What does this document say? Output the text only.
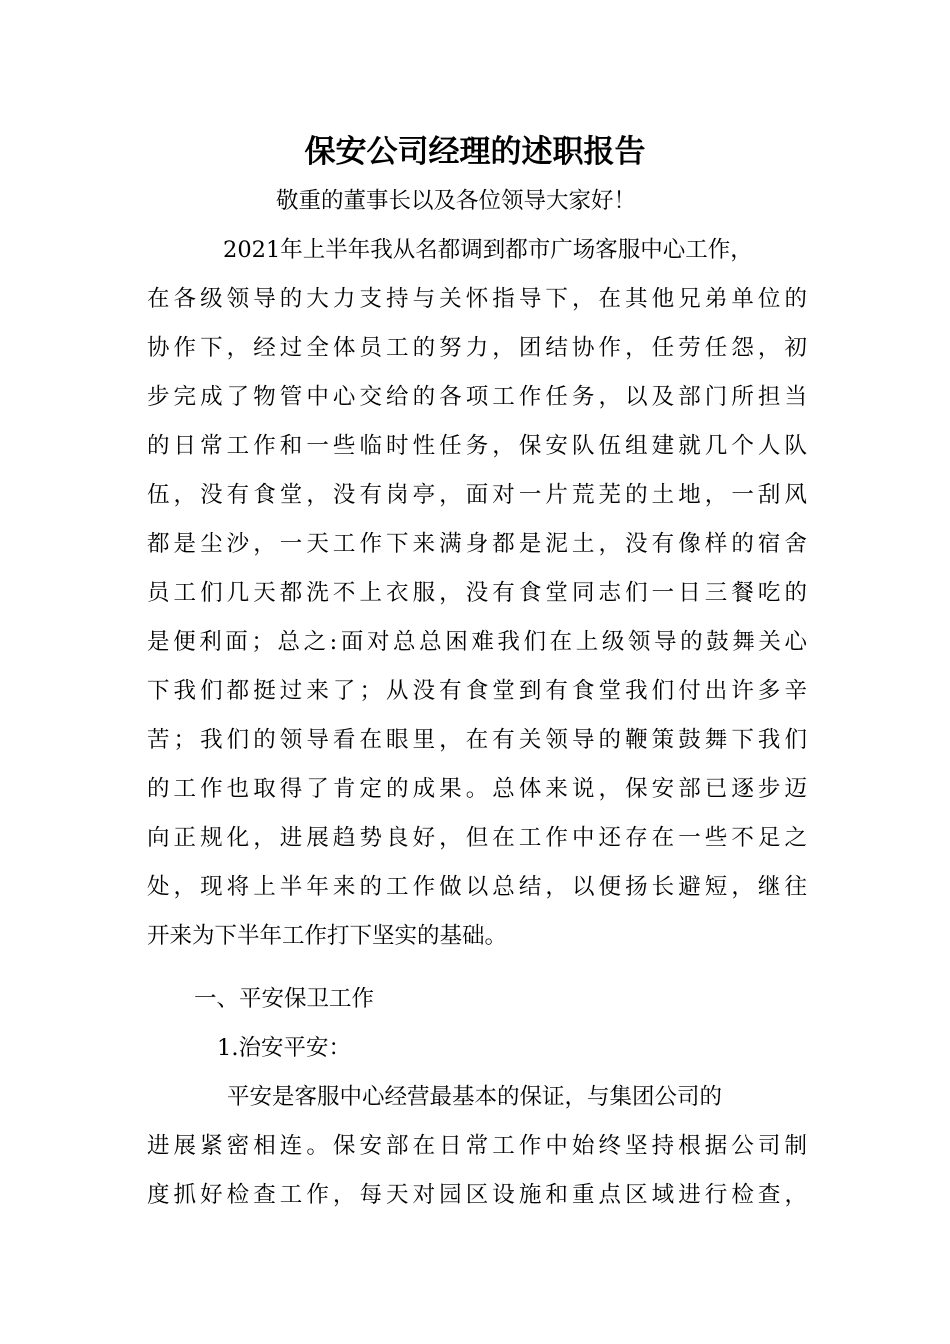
保安公司经理的述职报告
敬重的董事长以及各位领导大家好！
2021年上半年我从名都调到都市广场客服中心工作，
在各级领导的大力支持与关怀指导下，在其他兄弟单位的
协作下，经过全体员工的努力，团结协作，任劳任怨，初
步完成了物管中心交给的各项工作任务，以及部门所担当
的日常工作和一些临时性任务，保安队伍组建就几个人队
伍，没有食堂，没有岗亭，面对一片荒芜的土地，一刮风
都是尘沙，一天工作下来满身都是泥土，没有像样的宿舍
员工们几天都洗不上衣服，没有食堂同志们一日三餐吃的
是便利面；总之:面对总总困难我们在上级领导的鼓舞关心
下我们都挺过来了；从没有食堂到有食堂我们付出许多辛
苦；我们的领导看在眼里，在有关领导的鞭策鼓舞下我们
的工作也取得了肯定的成果。总体来说，保安部已逐步迈
向正规化，进展趋势良好，但在工作中还存在一些不足之
处，现将上半年来的工作做以总结，以便扬长避短，继往
开来为下半年工作打下坚实的基础。
一、平安保卫工作
1.治安平安：
平安是客服中心经营最基本的保证，与集团公司的
进展紧密相连。保安部在日常工作中始终坚持根据公司制
度抓好检查工作，每天对园区设施和重点区域进行检查，
